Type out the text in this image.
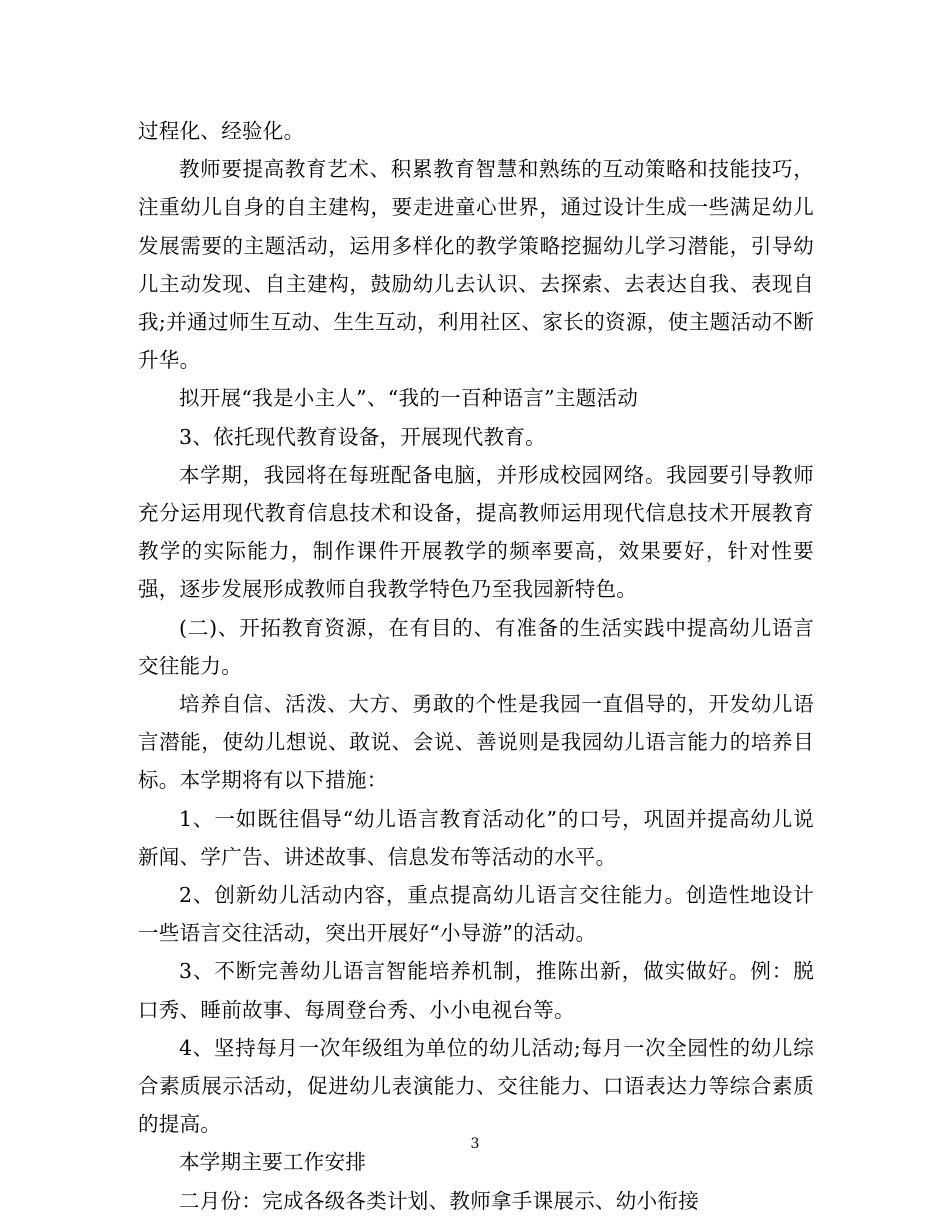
过程化、经验化。

教师要提高教育艺术、积累教育智慧和熟练的互动策略和技能技巧，注重幼儿自身的自主建构，要走进童心世界，通过设计生成一些满足幼儿发展需要的主题活动，运用多样化的教学策略挖掘幼儿学习潜能，引导幼儿主动发现、自主建构，鼓励幼儿去认识、去探索、去表达自我、表现自我;并通过师生互动、生生互动，利用社区、家长的资源，使主题活动不断升华。

拟开展“我是小主人”、“我的一百种语言”主题活动

3、依托现代教育设备，开展现代教育。

本学期，我园将在每班配备电脑，并形成校园网络。我园要引导教师充分运用现代教育信息技术和设备，提高教师运用现代信息技术开展教育教学的实际能力，制作课件开展教学的频率要高，效果要好，针对性要强，逐步发展形成教师自我教学特色乃至我园新特色。

(二)、开拓教育资源，在有目的、有准备的生活实践中提高幼儿语言交往能力。

培养自信、活泼、大方、勇敢的个性是我园一直倡导的，开发幼儿语言潜能，使幼儿想说、敢说、会说、善说则是我园幼儿语言能力的培养目标。本学期将有以下措施：

1、一如既往倡导“幼儿语言教育活动化”的口号，巩固并提高幼儿说新闻、学广告、讲述故事、信息发布等活动的水平。

2、创新幼儿活动内容，重点提高幼儿语言交往能力。创造性地设计一些语言交往活动，突出开展好“小导游”的活动。

3、不断完善幼儿语言智能培养机制，推陈出新，做实做好。例：脱口秀、睡前故事、每周登台秀、小小电视台等。

4、坚持每月一次年级组为单位的幼儿活动;每月一次全园性的幼儿综合素质展示活动，促进幼儿表演能力、交往能力、口语表达力等综合素质的提高。

本学期主要工作安排

二月份：完成各级各类计划、教师拿手课展示、幼小衔接

3
